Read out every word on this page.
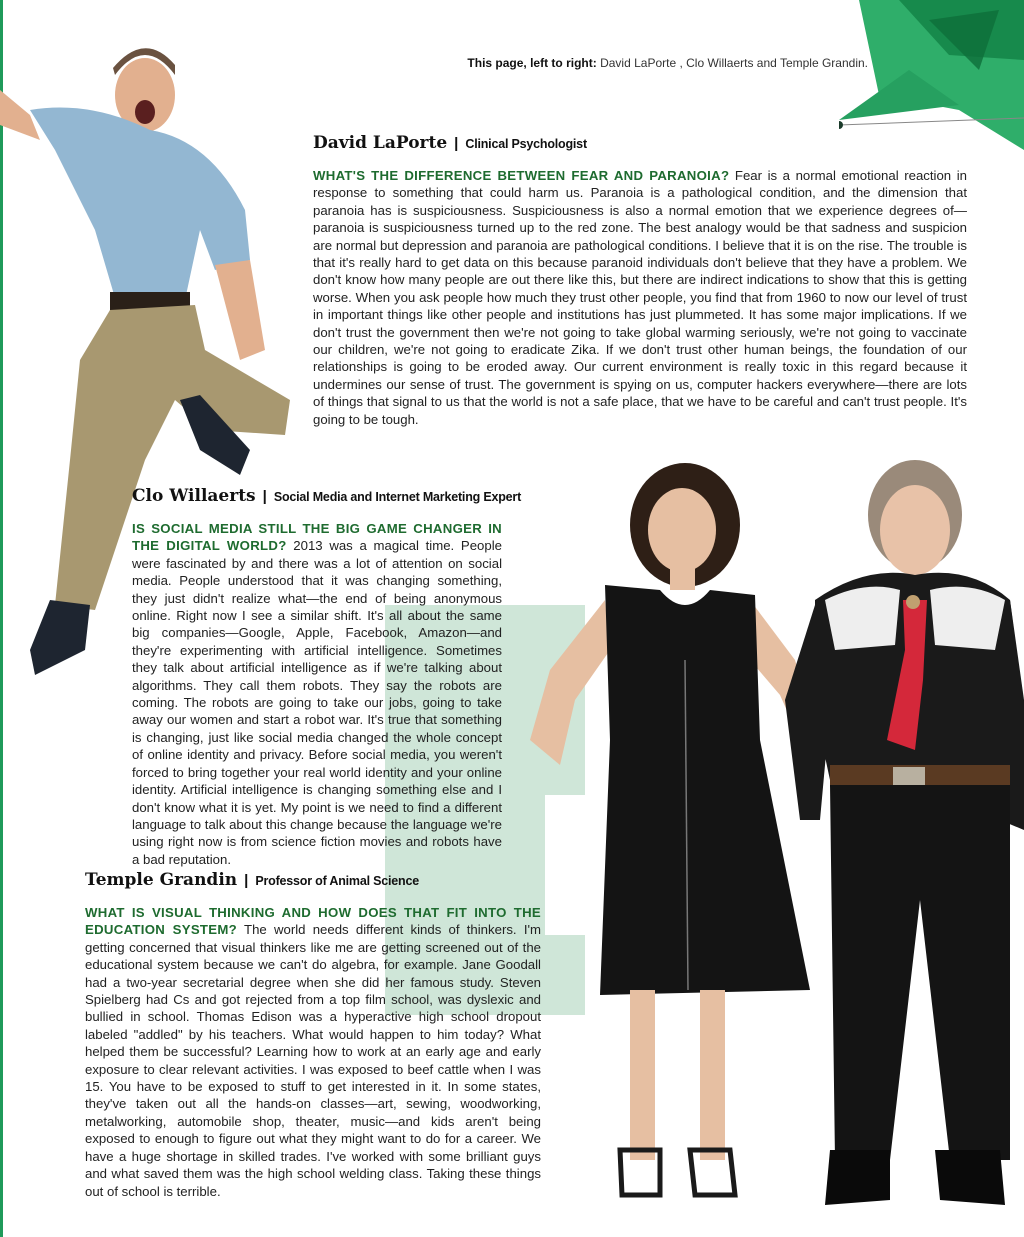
This page, left to right: David LaPorte , Clo Willaerts and Temple Grandin.
David LaPorte | Clinical Psychologist

WHAT'S THE DIFFERENCE BETWEEN FEAR AND PARANOIA? Fear is a normal emotional reaction in response to something that could harm us. Paranoia is a pathological condition, and the dimension that paranoia has is suspiciousness. Suspiciousness is also a normal emotion that we experience degrees of—paranoia is suspiciousness turned up to the red zone. The best analogy would be that sadness and suspicion are normal but depression and paranoia are pathological conditions. I believe that it is on the rise. The trouble is that it's really hard to get data on this because paranoid individuals don't believe that they have a problem. We don't know how many people are out there like this, but there are indirect indications to show that this is getting worse. When you ask people how much they trust other people, you find that from 1960 to now our level of trust in important things like other people and institutions has just plummeted. It has some major implications. If we don't trust the government then we're not going to take global warming seriously, we're not going to vaccinate our children, we're not going to eradicate Zika. If we don't trust other human beings, the foundation of our relationships is going to be eroded away. Our current environment is really toxic in this regard because it undermines our sense of trust. The government is spying on us, computer hackers everywhere—there are lots of things that signal to us that the world is not a safe place, that we have to be careful and can't trust people. It's going to be tough.

Clo Willaerts | Social Media and Internet Marketing Expert

IS SOCIAL MEDIA STILL THE BIG GAME CHANGER IN THE DIGITAL WORLD? 2013 was a magical time. People were fascinated by and there was a lot of attention on social media. People understood that it was changing something, they just didn't realize what—the end of being anonymous online. Right now I see a similar shift. It's all about the same big companies—Google, Apple, Facebook, Amazon—and they're experimenting with artificial intelligence. Sometimes they talk about artificial intelligence as if we're talking about algorithms. They call them robots. They say the robots are coming. The robots are going to take our jobs, going to take away our women and start a robot war. It's true that something is changing, just like social media changed the whole concept of online identity and privacy. Before social media, you weren't forced to bring together your real world identity and your online identity. Artificial intelligence is changing something else and I don't know what it is yet. My point is we need to find a different language to talk about this change because the language we're using right now is from science fiction movies and robots have a bad reputation.

Temple Grandin | Professor of Animal Science

WHAT IS VISUAL THINKING AND HOW DOES THAT FIT INTO THE EDUCATION SYSTEM? The world needs different kinds of thinkers. I'm getting concerned that visual thinkers like me are getting screened out of the educational system because we can't do algebra, for example. Jane Goodall had a two-year secretarial degree when she did her famous study. Steven Spielberg had Cs and got rejected from a top film school, was dyslexic and bullied in school. Thomas Edison was a hyperactive high school dropout labeled "addled" by his teachers. What would happen to him today? What helped them be successful? Learning how to work at an early age and early exposure to clear relevant activities. I was exposed to beef cattle when I was 15. You have to be exposed to stuff to get interested in it. In some states, they've taken out all the hands-on classes—art, sewing, woodworking, metalworking, automobile shop, theater, music—and kids aren't being exposed to enough to figure out what they might want to do for a career. We have a huge shortage in skilled trades. I've worked with some brilliant guys and what saved them was the high school welding class. Taking these things out of school is terrible.
